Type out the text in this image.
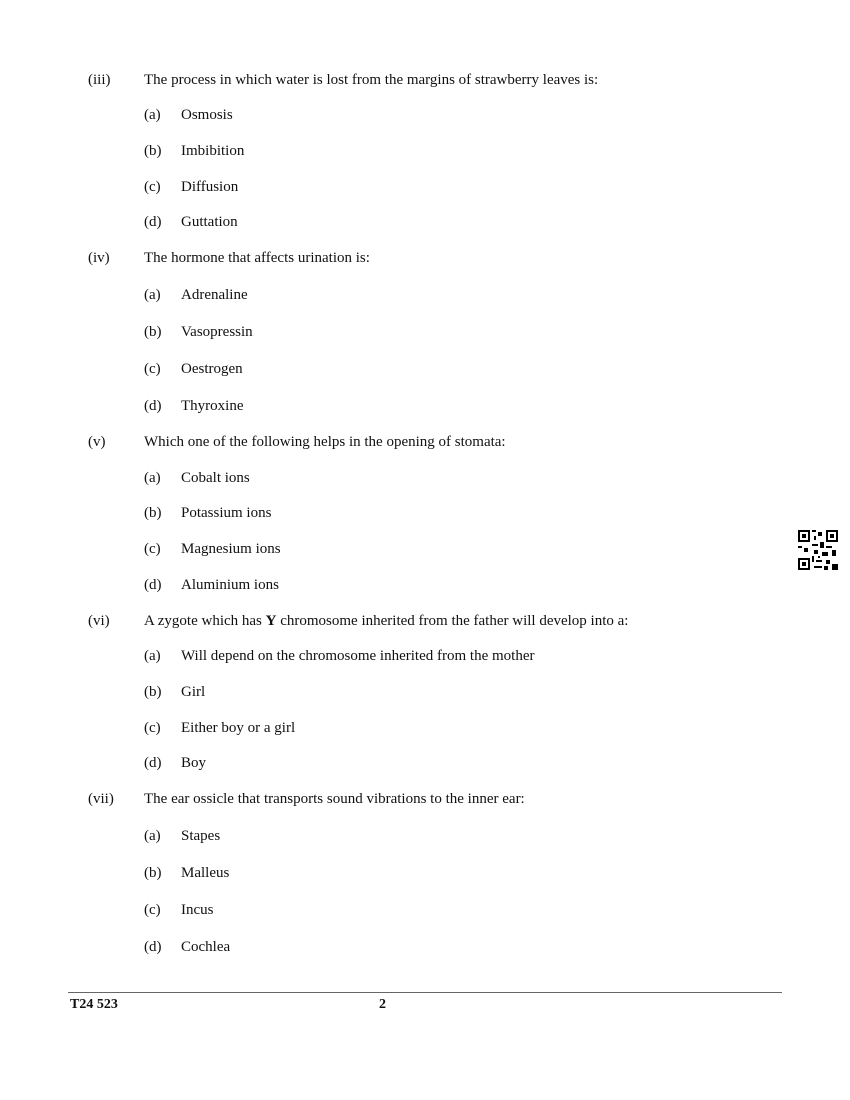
(iii) The process in which water is lost from the margins of strawberry leaves is:
(a) Osmosis
(b) Imbibition
(c) Diffusion
(d) Guttation
(iv) The hormone that affects urination is:
(a) Adrenaline
(b) Vasopressin
(c) Oestrogen
(d) Thyroxine
(v)	Which one of the following helps in the opening of stomata:
(a) Cobalt ions
(b) Potassium ions
(c) Magnesium ions
(d) Aluminium ions
(vi) A zygote which has Y chromosome inherited from the father will develop into a:
(a) Will depend on the chromosome inherited from the mother
(b) Girl
(c) Either boy or a girl
(d) Boy
(vii) The ear ossicle that transports sound vibrations to the inner ear:
(a) Stapes
(b) Malleus
(c) Incus
(d) Cochlea
T24 523	2
